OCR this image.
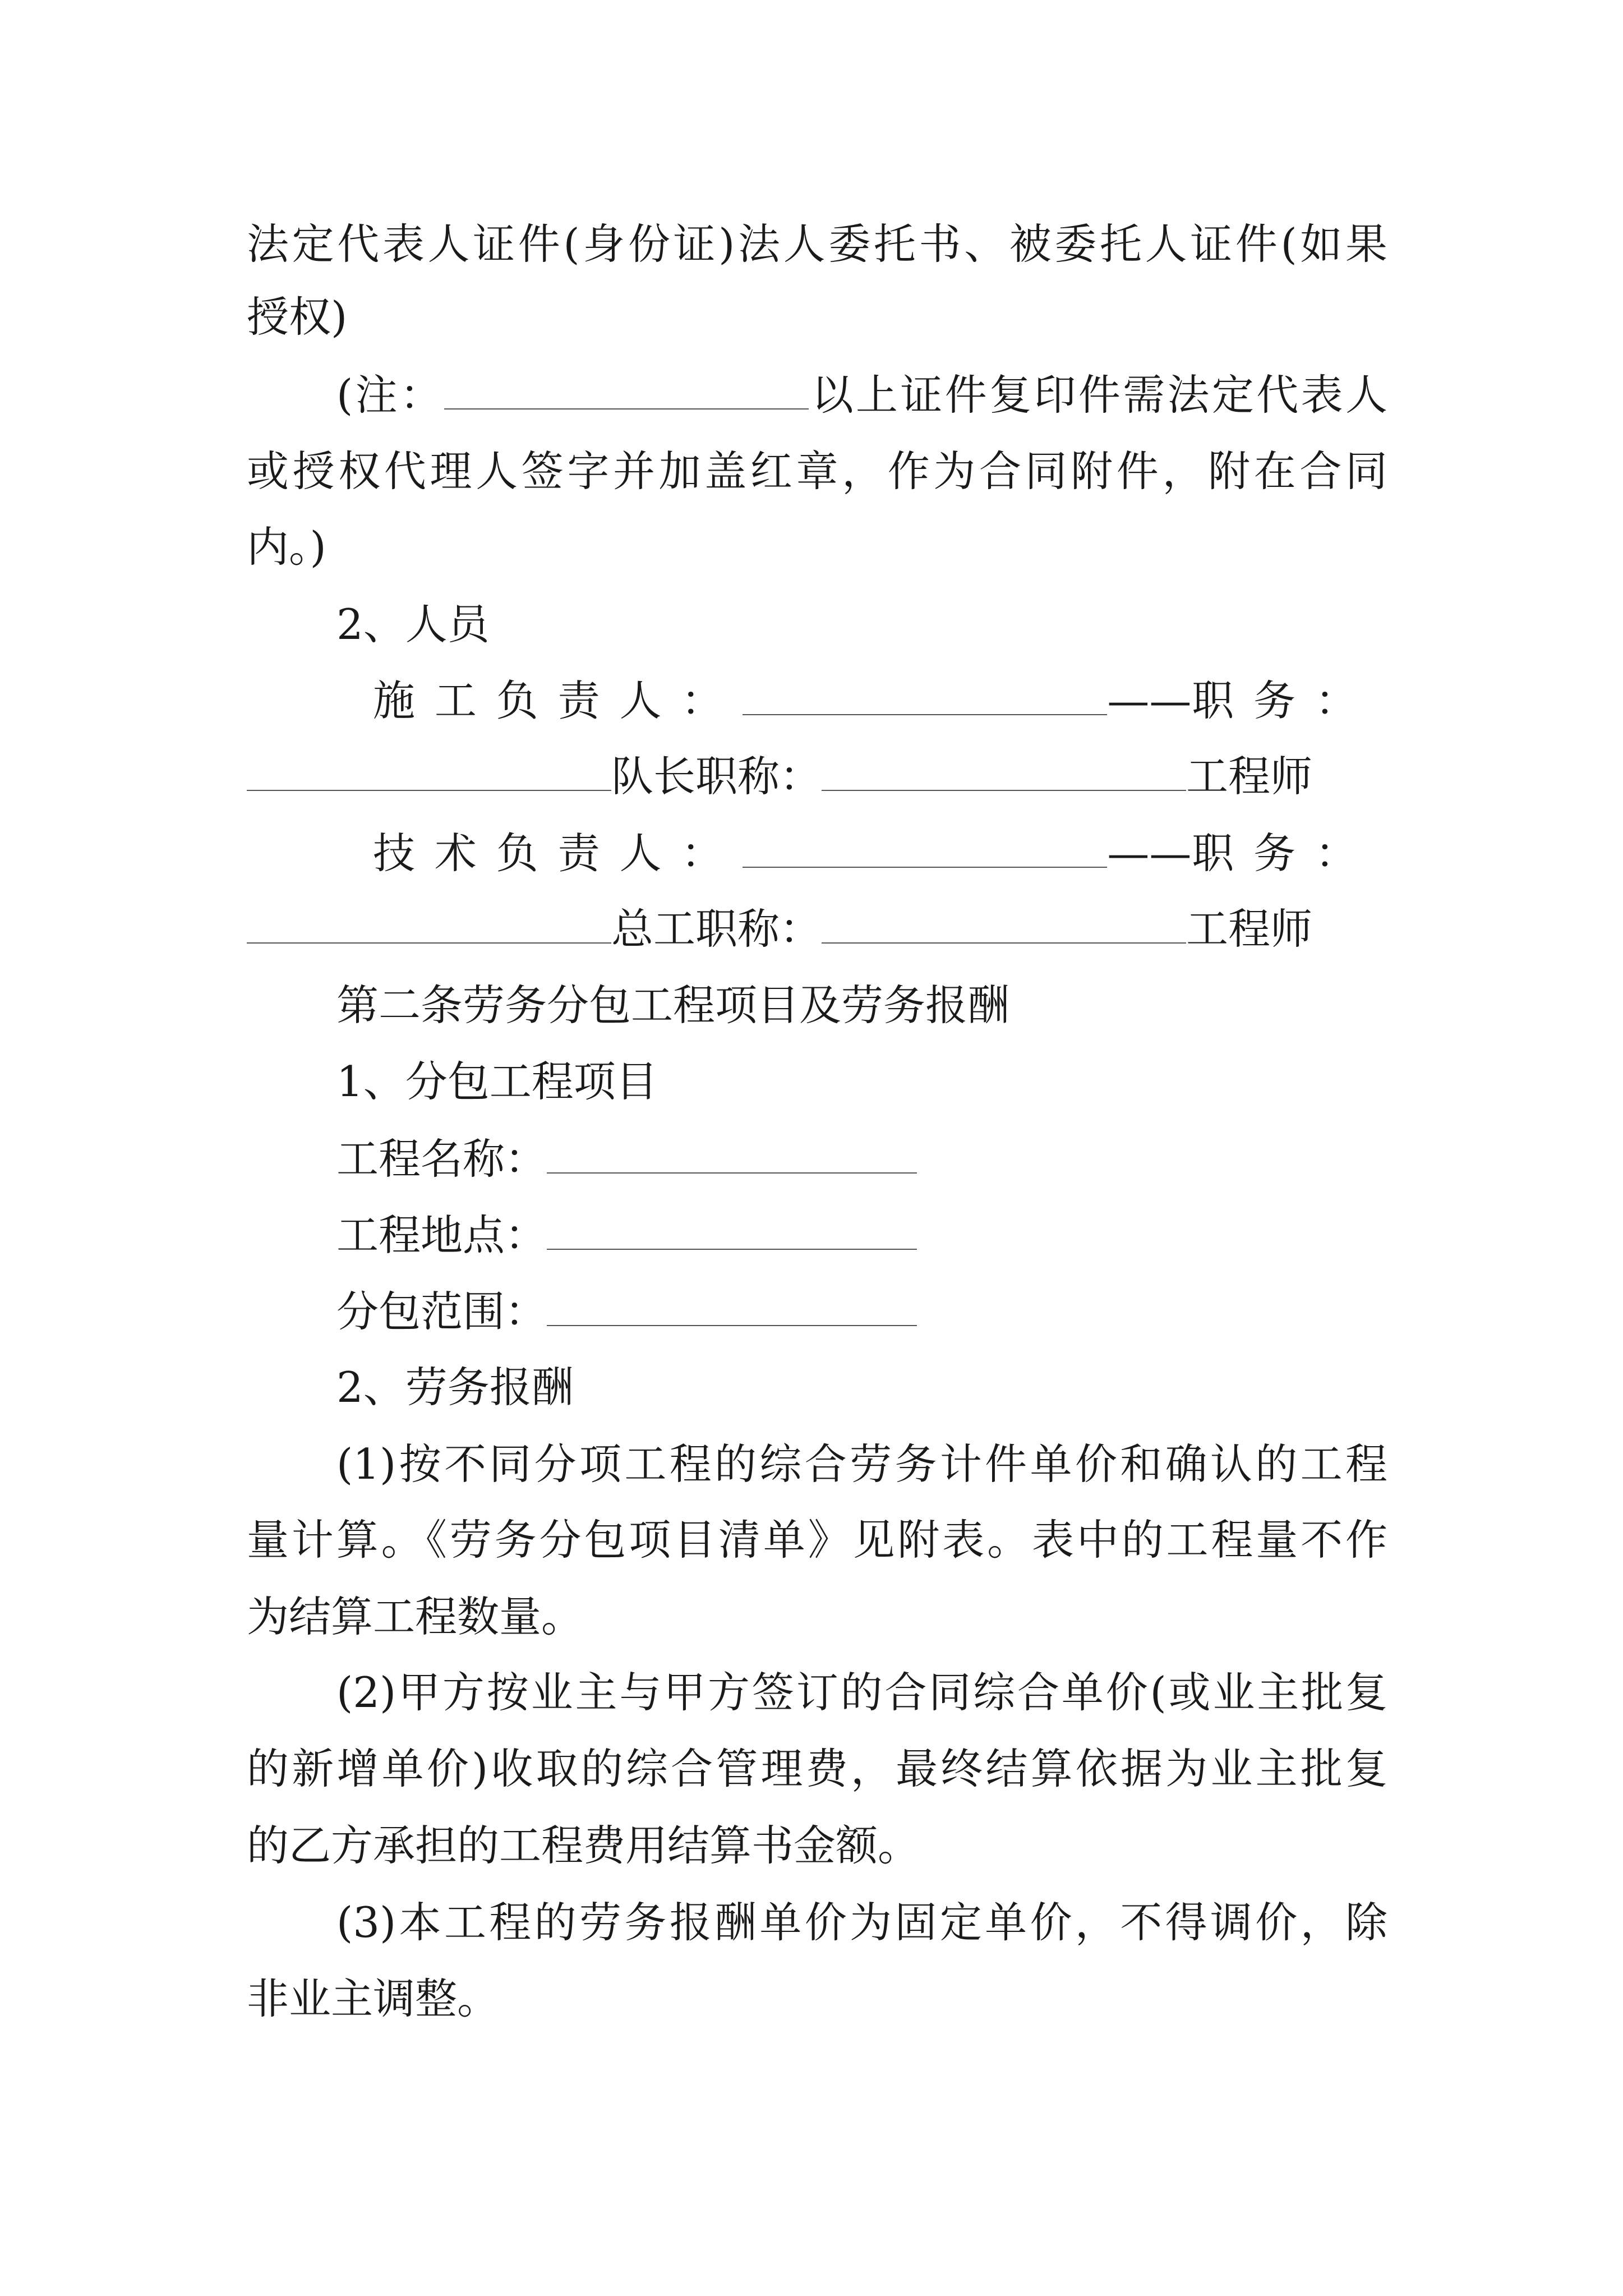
法定代表人证件(身份证)法人委托书、被委托人证件(如果
授权)
(注：	以上证件复印件需法定代表人
或授权代理人签字并加盖红章，作为合同附件，附在合同
内。)
2、人员
施工负责人：	——职务：
队长职称：	工程师
技术负责人：	——职务：
总工职称：	工程师
第二条劳务分包工程项目及劳务报酬
1、分包工程项目
工程名称：
工程地点：
分包范围：
2、劳务报酬
(1)按不同分项工程的综合劳务计件单价和确认的工程
量计算。《劳务分包项目清单》见附表。表中的工程量不作
为结算工程数量。
(2)甲方按业主与甲方签订的合同综合单价(或业主批复
的新增单价)收取的综合管理费，最终结算依据为业主批复
的乙方承担的工程费用结算书金额。
(3)本工程的劳务报酬单价为固定单价，不得调价，除
非业主调整。
